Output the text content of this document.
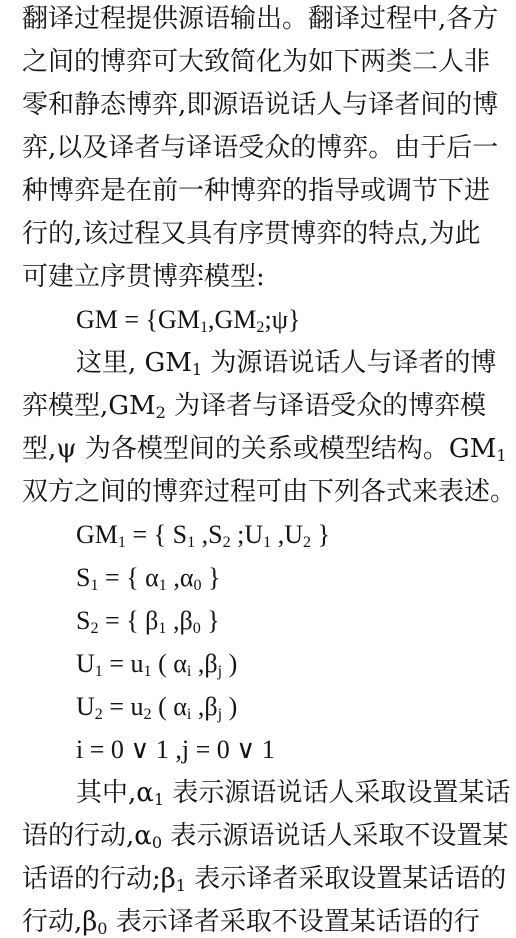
翻译过程提供源语输出。翻译过程中,各方
之间的博弈可大致简化为如下两类二人非
零和静态博弈,即源语说话人与译者间的博
弈,以及译者与译语受众的博弈。由于后一
种博弈是在前一种博弈的指导或调节下进
行的,该过程又具有序贯博弈的特点,为此
可建立序贯博弈模型:
GM = $\{GM_1,GM_2;\psi\}$
这里, $GM_1$ 为源语说话人与译者的博
弈模型$,GM_2$ 为译者与译语受众的博弈模
型,ψ 为各模型间的关系或模型结构。$GM_1$
双方之间的博弈过程可由下列各式来表述。
$GM_1$ = { $S_1$ $,S_2$ $;U_1$ $,U_2$ }
$S_1$ = { $\alpha_1$ $,\alpha_0$ }
$S_2$ = { $\beta_1$ $,\beta_0$ }
$U_1 = u_1$ ( $\alpha_i$ $,\beta_j$ )
$U_2 = u_2$ ( $\alpha_i$ $,\beta_j$ )
i = 0 ∨ 1 ,j = 0 ∨ 1
其中$,\alpha_1$ 表示源语说话人采取设置某话
语的行动$,\alpha_0$ 表示源语说话人采取不设置某
话语的行动$;\beta_1$ 表示译者采取设置某话语的
行动$,\beta_0$ 表示译者采取不设置某话语的行
